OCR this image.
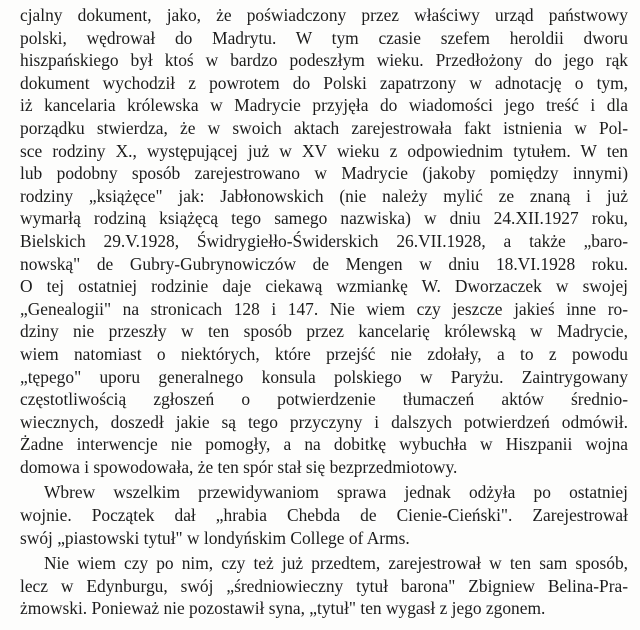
cjalny dokument, jako, że poświadczony przez właściwy urząd państwowy
polski, wędrował do Madrytu. W tym czasie szefem heroldii dworu
hiszpańskiego był ktoś w bardzo podeszłym wieku. Przedłożony do jego rąk
dokument wychodził z powrotem do Polski zapatrzony w adnotację o tym,
iż kancelaria królewska w Madrycie przyjęła do wiadomości jego treść i dla
porządku stwierdza, że w swoich aktach zarejestrowała fakt istnienia w Pol-
sce rodziny X., występującej już w XV wieku z odpowiednim tytułem. W ten
lub podobny sposób zarejestrowano w Madrycie (jakoby pomiędzy innymi)
rodziny „książęce" jak: Jabłonowskich (nie należy mylić ze znaną i już
wymarłą rodziną książęcą tego samego nazwiska) w dniu 24.XII.1927 roku,
Bielskich 29.V.1928, Świdrygiełło-Świderskich 26.VII.1928, a także „baro-
nowską" de Gubry-Gubrynowiczów de Mengen w dniu 18.VI.1928 roku.
O tej ostatniej rodzinie daje ciekawą wzmiankę W. Dworzaczek w swojej
„Genealogii" na stronicach 128 i 147. Nie wiem czy jeszcze jakieś inne ro-
dziny nie przeszły w ten sposób przez kancelarię królewską w Madrycie,
wiem natomiast o niektórych, które przejść nie zdołały, a to z powodu
„tępego" uporu generalnego konsula polskiego w Paryżu. Zaintrygowany
częstotliwością zgłoszeń o potwierdzenie tłumaczeń aktów średnio-
wiecznych, doszedł jakie są tego przyczyny i dalszych potwierdzeń odmówił.
Żadne interwencje nie pomogły, a na dobitkę wybuchła w Hiszpanii wojna
domowa i spowodowała, że ten spór stał się bezprzedmiotowy.
Wbrew wszelkim przewidywaniom sprawa jednak odżyła po ostatniej
wojnie. Początek dał „hrabia Chebda de Cienie-Cieński". Zarejestrował
swój „piastowski tytuł" w londyńskim College of Arms.
Nie wiem czy po nim, czy też już przedtem, zarejestrował w ten sam sposób,
lecz w Edynburgu, swój „średniowieczny tytuł barona" Zbigniew Belina-Pra-
żmowski. Ponieważ nie pozostawił syna, „tytuł" ten wygasł z jego zgonem.
